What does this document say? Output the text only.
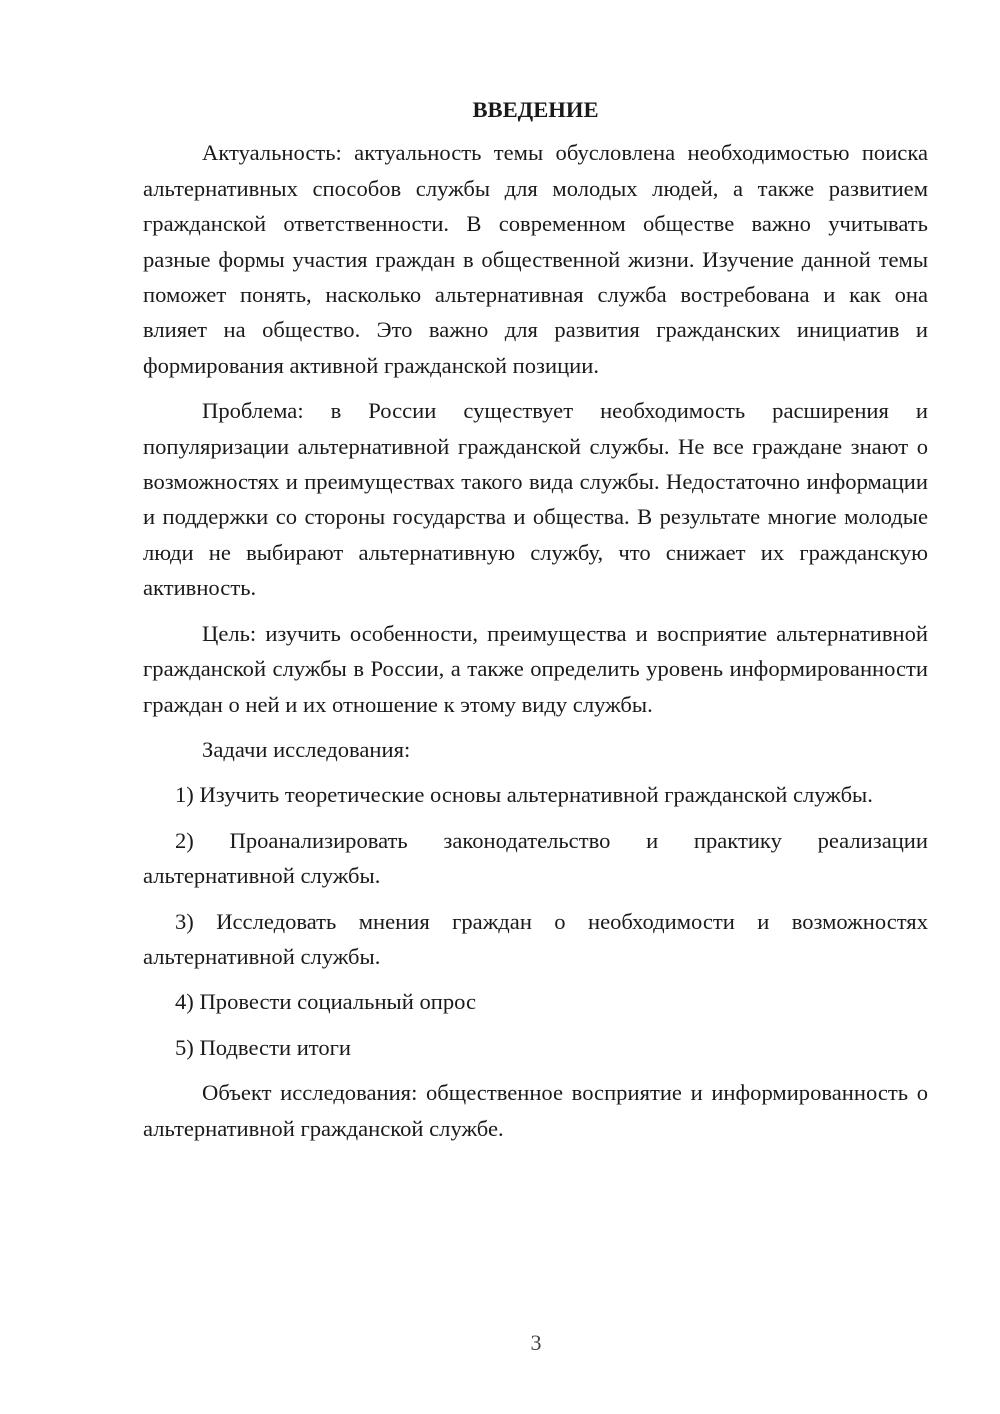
ВВЕДЕНИЕ

Актуальность: актуальность темы обусловлена необходимостью поиска альтернативных способов службы для молодых людей, а также развитием гражданской ответственности. В современном обществе важно учитывать разные формы участия граждан в общественной жизни. Изучение данной темы поможет понять, насколько альтернативная служба востребована и как она влияет на общество. Это важно для развития гражданских инициатив и формирования активной гражданской позиции.

Проблема: в России существует необходимость расширения и популяризации альтернативной гражданской службы. Не все граждане знают о возможностях и преимуществах такого вида службы. Недостаточно информации и поддержки со стороны государства и общества. В результате многие молодые люди не выбирают альтернативную службу, что снижает их гражданскую активность.

Цель: изучить особенности, преимущества и восприятие альтернативной гражданской службы в России, а также определить уровень информированности граждан о ней и их отношение к этому виду службы.

Задачи исследования:

1) Изучить теоретические основы альтернативной гражданской службы.

2) Проанализировать законодательство и практику реализации альтернативной службы.

3) Исследовать мнения граждан о необходимости и возможностях альтернативной службы.

4) Провести социальный опрос

5) Подвести итоги

Объект исследования: общественное восприятие и информированность о альтернативной гражданской службе.

3
